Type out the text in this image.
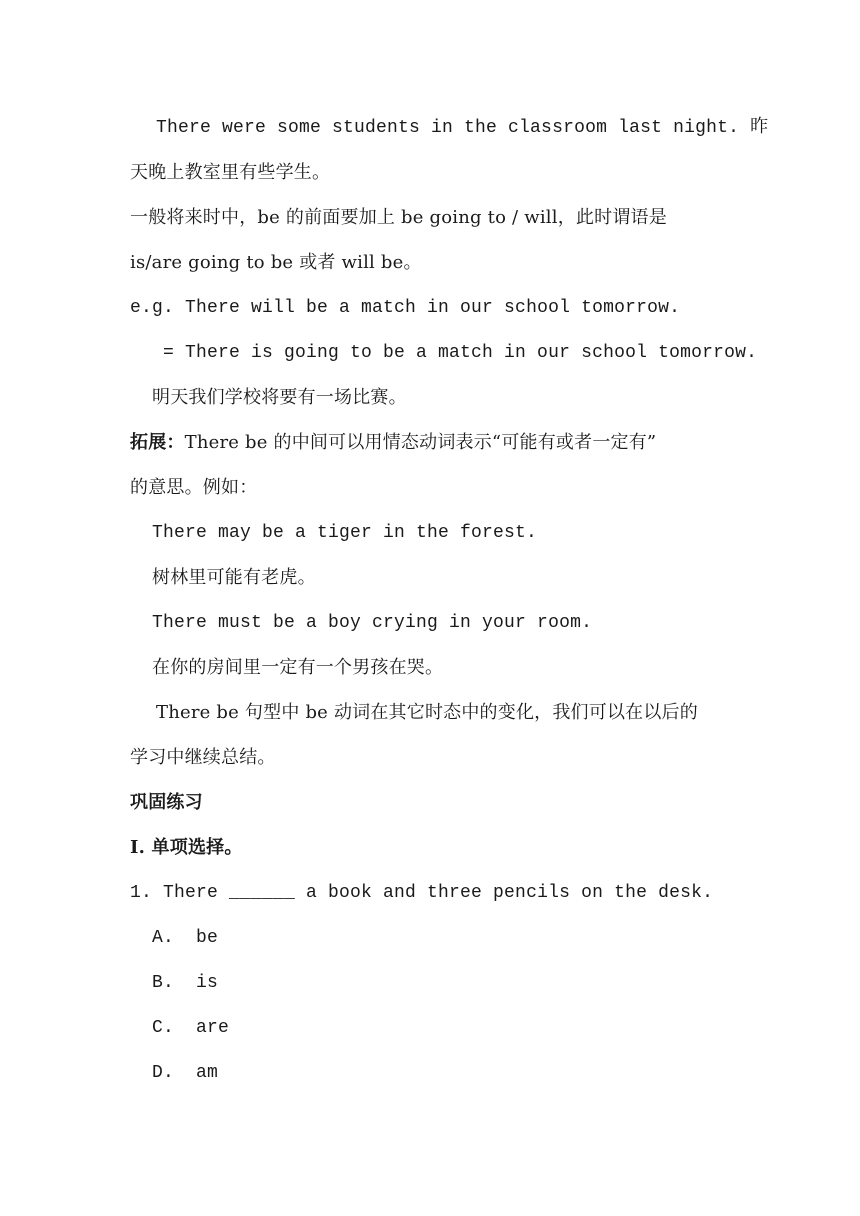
There were some students in the classroom last night. 昨
天晚上教室里有些学生。
一般将来时中，be 的前面要加上 be going to / will，此时谓语是
is/are going to be 或者 will be。
e.g. There will be a match in our school tomorrow.
= There is going to be a match in our school tomorrow.
明天我们学校将要有一场比赛。
拓展：There be 的中间可以用情态动词表示“可能有或者一定有”
的意思。例如：
There may be a tiger in the forest.
树林里可能有老虎。
There must be a boy crying in your room.
在你的房间里一定有一个男孩在哭。
There be 句型中 be 动词在其它时态中的变化，我们可以在以后的
学习中继续总结。
巩固练习
Ⅰ. 单项选择。
1. There ______ a book and three pencils on the desk.
A.  be
B.  is
C.  are
D.  am
